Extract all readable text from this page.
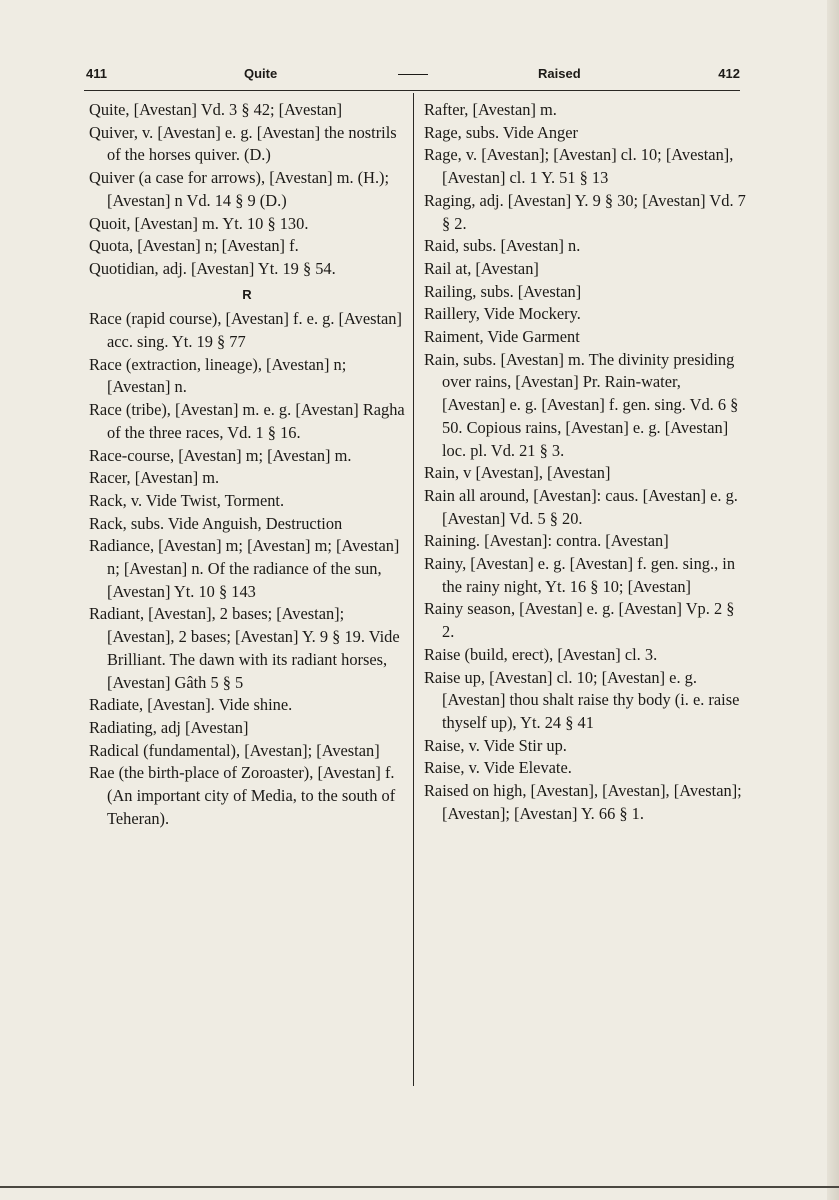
411	Quite	Raised	412

Quite, [Avestan] Vd. 3 § 42; [Avestan]

Quiver, v. [Avestan] e. g. [Avestan] the nostrils of the horses quiver. (D.)

Quiver (a case for arrows), [Avestan] m. (H.); [Avestan] n Vd. 14 § 9 (D.)

Quoit, [Avestan] m. Yt. 10 § 130.

Quota, [Avestan] n; [Avestan] f.

Quotidian, adj. [Avestan] Yt. 19 § 54.

R

Race (rapid course), [Avestan] f. e. g. [Avestan] acc. sing. Yt. 19 § 77

Race (extraction, lineage), [Avestan] n; [Avestan] n.

Race (tribe), [Avestan] m. e. g. [Avestan] Ragha of the three races, Vd. 1 § 16.

Race-course, [Avestan] m; [Avestan] m.

Racer, [Avestan] m.

Rack, v. Vide Twist, Torment.

Rack, subs. Vide Anguish, Destruction

Radiance, [Avestan] m; [Avestan] m; [Avestan] n; [Avestan] n. Of the radiance of the sun, [Avestan] Yt. 10 § 143

Radiant, [Avestan], 2 bases; [Avestan]; [Avestan], 2 bases; [Avestan] Y. 9 § 19. Vide Brilliant. The dawn with its radiant horses, [Avestan] Gâth 5 § 5

Radiate, [Avestan]. Vide shine.

Radiating, adj [Avestan]

Radical (fundamental), [Avestan]; [Avestan]

Rae (the birth-place of Zoroaster), [Avestan] f. (An important city of Media, to the south of Teheran).

Rafter, [Avestan] m.

Rage, subs. Vide Anger

Rage, v. [Avestan]; [Avestan] cl. 10; [Avestan], [Avestan] cl. 1 Y. 51 § 13

Raging, adj. [Avestan] Y. 9 § 30; [Avestan] Vd. 7 § 2.

Raid, subs. [Avestan] n.

Rail at, [Avestan]

Railing, subs. [Avestan]

Raillery, Vide Mockery.

Raiment, Vide Garment

Rain, subs. [Avestan] m. The divinity presiding over rains, [Avestan] Pr. Rain-water, [Avestan] e. g. [Avestan] f. gen. sing. Vd. 6 § 50. Copious rains, [Avestan] e. g. [Avestan] loc. pl. Vd. 21 § 3.

Rain, v [Avestan], [Avestan]

Rain all around, [Avestan]: caus. [Avestan] e. g. [Avestan] Vd. 5 § 20.

Raining. [Avestan]: contra. [Avestan]

Rainy, [Avestan] e. g. [Avestan] f. gen. sing., in the rainy night, Yt. 16 § 10; [Avestan]

Rainy season, [Avestan] e. g. [Avestan] Vp. 2 § 2.

Raise (build, erect), [Avestan] cl. 3.

Raise up, [Avestan] cl. 10; [Avestan] e. g. [Avestan] thou shalt raise thy body (i. e. raise thyself up), Yt. 24 § 41

Raise, v. Vide Stir up.

Raise, v. Vide Elevate.

Raised on high, [Avestan], [Avestan], [Avestan]; [Avestan]; [Avestan] Y. 66 § 1.
